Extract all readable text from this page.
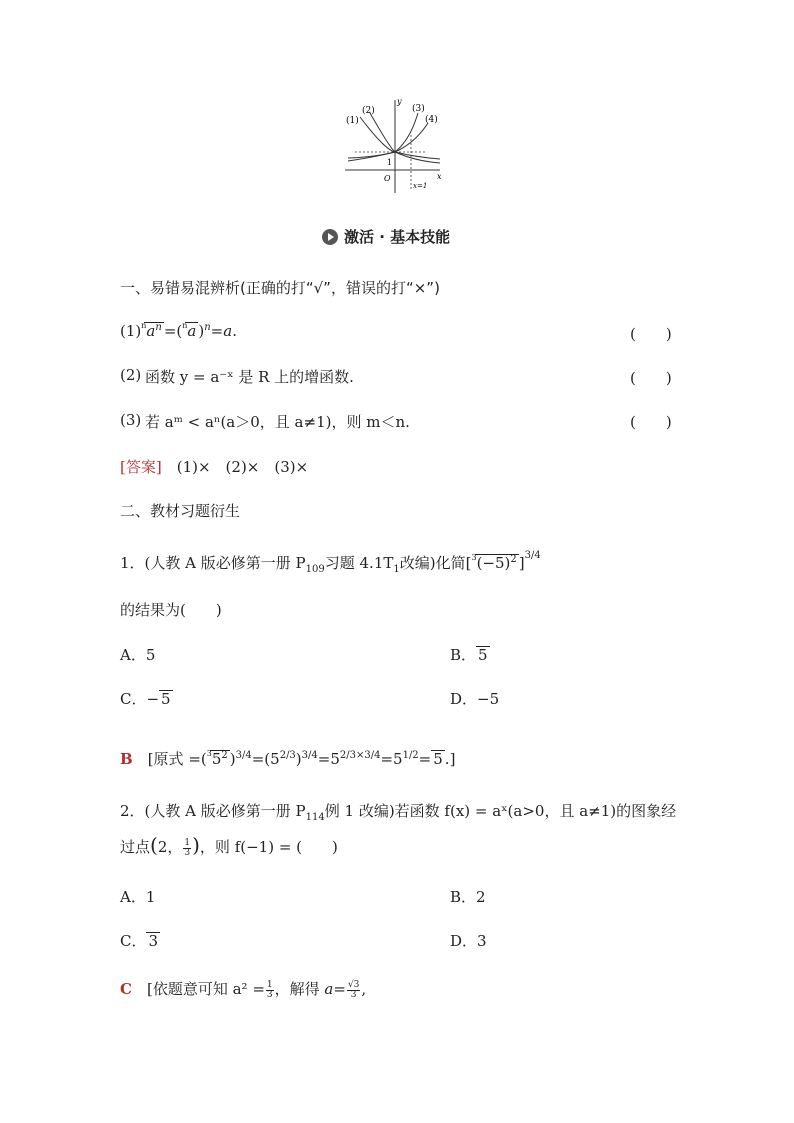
(1)
(2)	(3)
(4)
y
x
O
1
x=1
激活 · 基本技能
一、易错易混辨析(正确的打“√”，错误的打“×”)
$(1)^na^n =(^na$ )$^n$=a.	(　　)
(2) 函数 y = a⁻ˣ 是 R 上的增函数.	(　　)
(3) 若 aᵐ < aⁿ(a＞0，且 a≠1)，则 m＜n.	(　　)
[答案]　 (1)×　(2)×　(3)×
二、教材习题衍生
1．(人教 A 版必修第一册 $P_{109}$习题 $4.1T_1$改编)化简[$^3(-5)^2$ ]$^{3/4}$
的结果为(　　)
A．5	B． 5
C．− 5	D．−5
B　 [原式 $=(^35^2$ )$^{3/4}=(5^{2/3})^{3/4}=5^{2/3\times 3/4}=5^{1/2}= 5$ .]
2．(人教 A 版必修第一册 $P_{114}$例 1 改编)若函数 f(x) = aˣ(a>0，且 a≠1)的图象经
过点(2， $\frac{1}{3}$ )，则 f(−1) = (　　)
A．1	B．2
C． 3	D．3
C　 [依题意可知 $a^2 = \frac{1}{3}$ ，解得 $a= \frac{√3}{3}$ ,
